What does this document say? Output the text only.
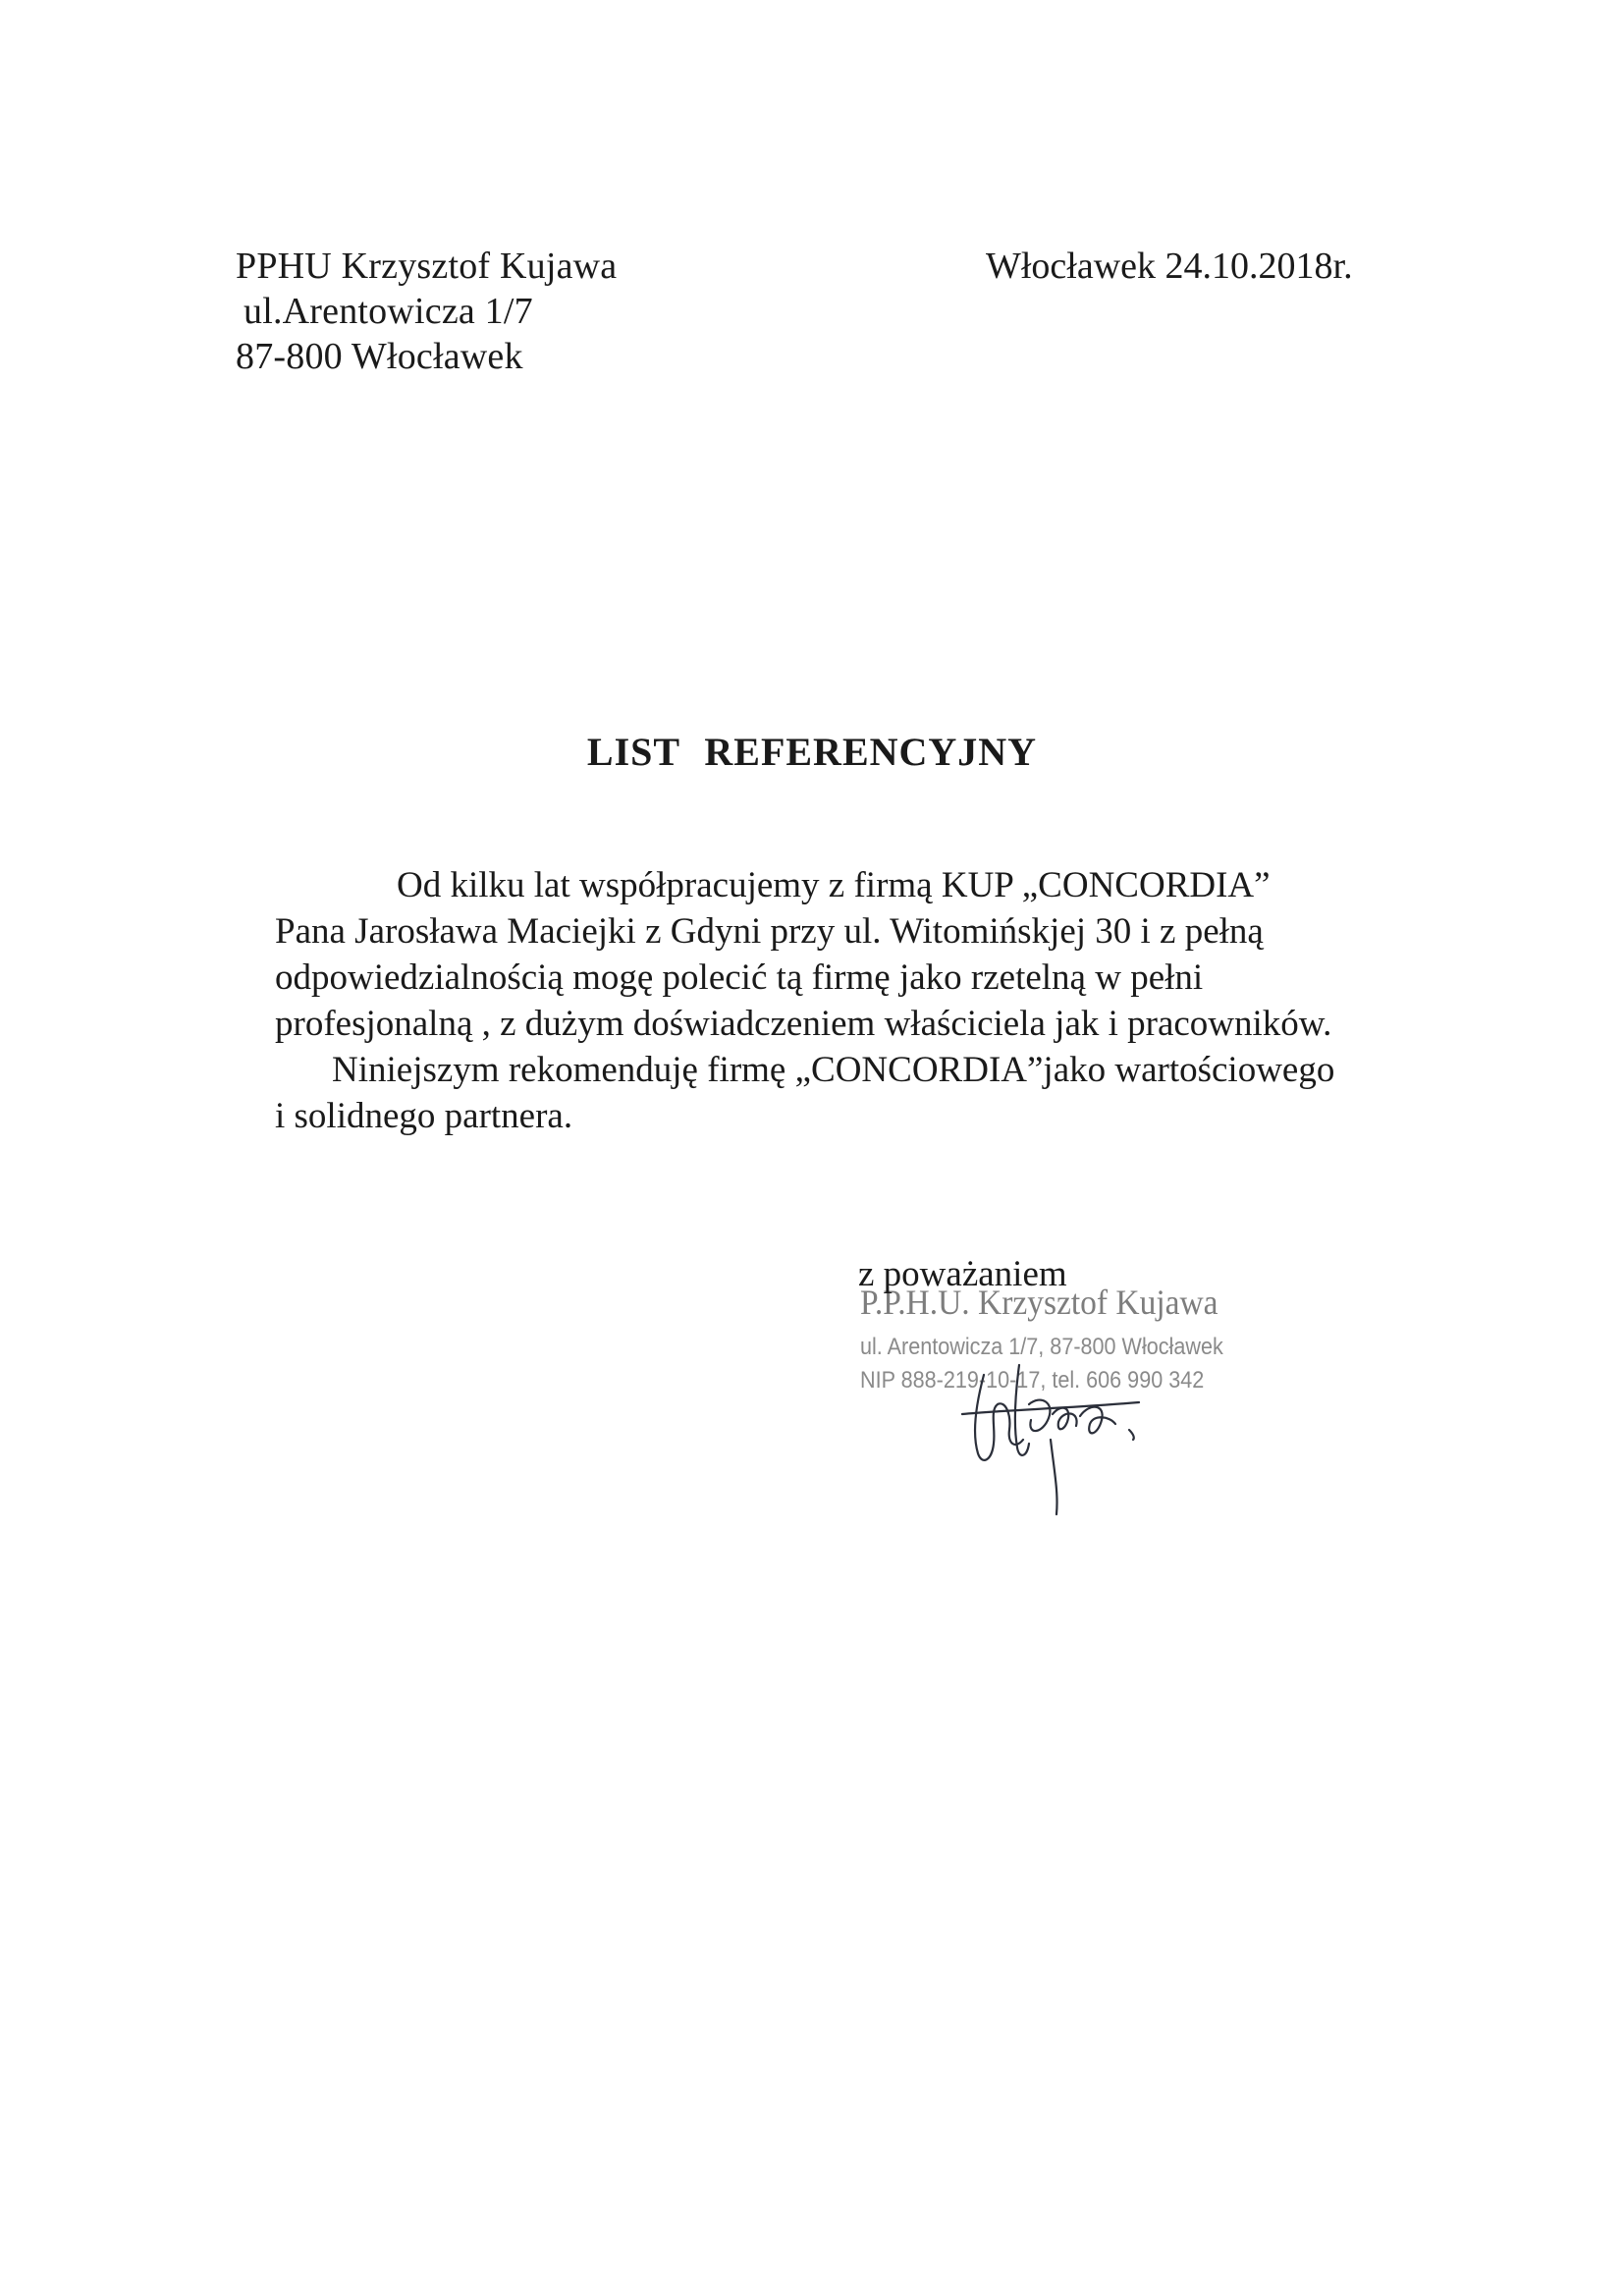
PPHU Krzysztof Kujawa
ul.Arentowicza 1/7
87-800 Włocławek
Włocławek 24.10.2018r.
LIST REFERENCYJNY
Od kilku lat współpracujemy z firmą KUP „CONCORDIA”
Pana Jarosława Maciejki z Gdyni przy ul. Witomińskjej 30 i z pełną
odpowiedzialnością mogę polecić tą firmę jako rzetelną w pełni
profesjonalną , z dużym doświadczeniem właściciela jak i pracowników.
Niniejszym rekomenduję firmę „CONCORDIA”jako wartościowego
i solidnego partnera.
z poważaniem
P.P.H.U. Krzysztof Kujawa
ul. Arentowicza 1/7, 87-800 Włocławek
NIP 888-219-10-17, tel. 606 990 342
